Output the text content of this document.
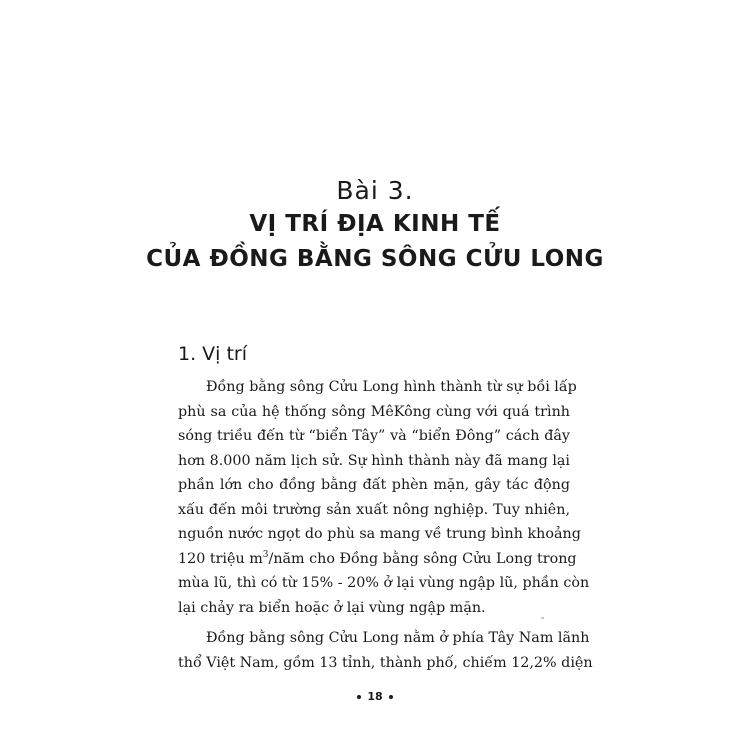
Bài 3.
VỊ TRÍ ĐỊA KINH TẾ
CỦA ĐỒNG BẰNG SÔNG CỬU LONG
1. Vị trí
Đồng bằng sông Cửu Long hình thành từ sự bồi lấp
phù sa của hệ thống sông MêKông cùng với quá trình
sóng triều đến từ “biển Tây” và “biển Đông” cách đây
hơn 8.000 năm lịch sử. Sự hình thành này đã mang lại
phần lớn cho đồng bằng đất phèn mặn, gây tác động
xấu đến môi trường sản xuất nông nghiệp. Tuy nhiên,
nguồn nước ngọt do phù sa mang về trung bình khoảng
120 triệu $m^3$/năm cho Đồng bằng sông Cửu Long trong
mùa lũ, thì có từ 15% - 20% ở lại vùng ngập lũ, phần còn
lại chảy ra biển hoặc ở lại vùng ngập mặn.
Đồng bằng sông Cửu Long nằm ở phía Tây Nam lãnh
thổ Việt Nam, gồm 13 tỉnh, thành phố, chiếm 12,2% diện
18
